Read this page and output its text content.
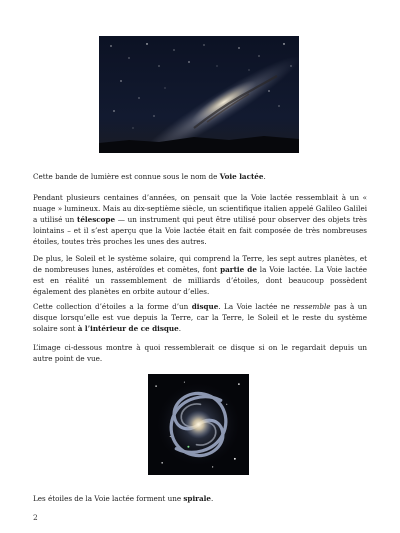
Cette bande de lumière est connue sous le nom de Voie lactée.

Pendant plusieurs centaines d’années, on pensait que la Voie lactée ressemblait à un « nuage » lumineux. Mais au dix-septième siècle, un scientifique italien appelé Galileo Galilei a utilisé un télescope — un instrument qui peut être utilisé pour observer des objets très lointains – et il s’est aperçu que la Voie lactée était en fait composée de très nombreuses étoiles, toutes très proches les unes des autres.

De plus, le Soleil et le système solaire, qui comprend la Terre, les sept autres planètes, et de nombreuses lunes, astéroïdes et comètes, font partie de la Voie lactée. La Voie lactée est en réalité un rassemblement de milliards d’étoiles, dont beaucoup possèdent également des planètes en orbite autour d’elles.

Cette collection d’étoiles a la forme d’un disque. La Voie lactée ne ressemble pas à un disque lorsqu’elle est vue depuis la Terre, car la Terre, le Soleil et le reste du système solaire sont à l’intérieur de ce disque.

L’image ci-dessous montre à quoi ressemblerait ce disque si on le regardait depuis un autre point de vue.

Les étoiles de la Voie lactée forment une spirale.

2
